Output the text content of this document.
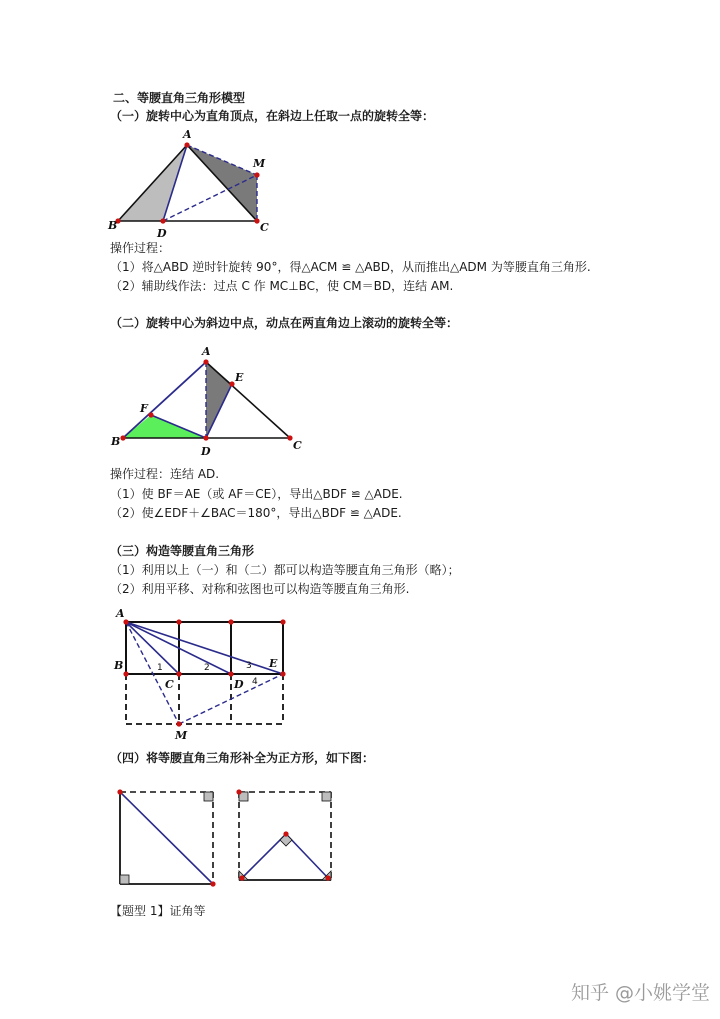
二、等腰直角三角形模型
（一）旋转中心为直角顶点，在斜边上任取一点的旋转全等：
A
B	C
D
M
操作过程：
（1）将△ABD 逆时针旋转 90°，得△ACM ≌ △ABD，从而推出△ADM 为等腰直角三角形.
（2）辅助线作法：过点 C 作 MC⊥BC，使 CM＝BD，连结 AM.
（二）旋转中心为斜边中点，动点在两直角边上滚动的旋转全等：
A
B	C
D
E
F
操作过程：连结 AD.
（1）使 BF＝AE（或 AF＝CE），导出△BDF ≌ △ADE.
（2）使∠EDF＋∠BAC＝180°，导出△BDF ≌ △ADE.
（三）构造等腰直角三角形
（1）利用以上（一）和（二）都可以构造等腰直角三角形（略）；
（2）利用平移、对称和弦图也可以构造等腰直角三角形.
A
B
C	D
E
M
1	2	3
4
（四）将等腰直角三角形补全为正方形，如下图：
【题型 1】证角等
知乎 @小姚学堂
